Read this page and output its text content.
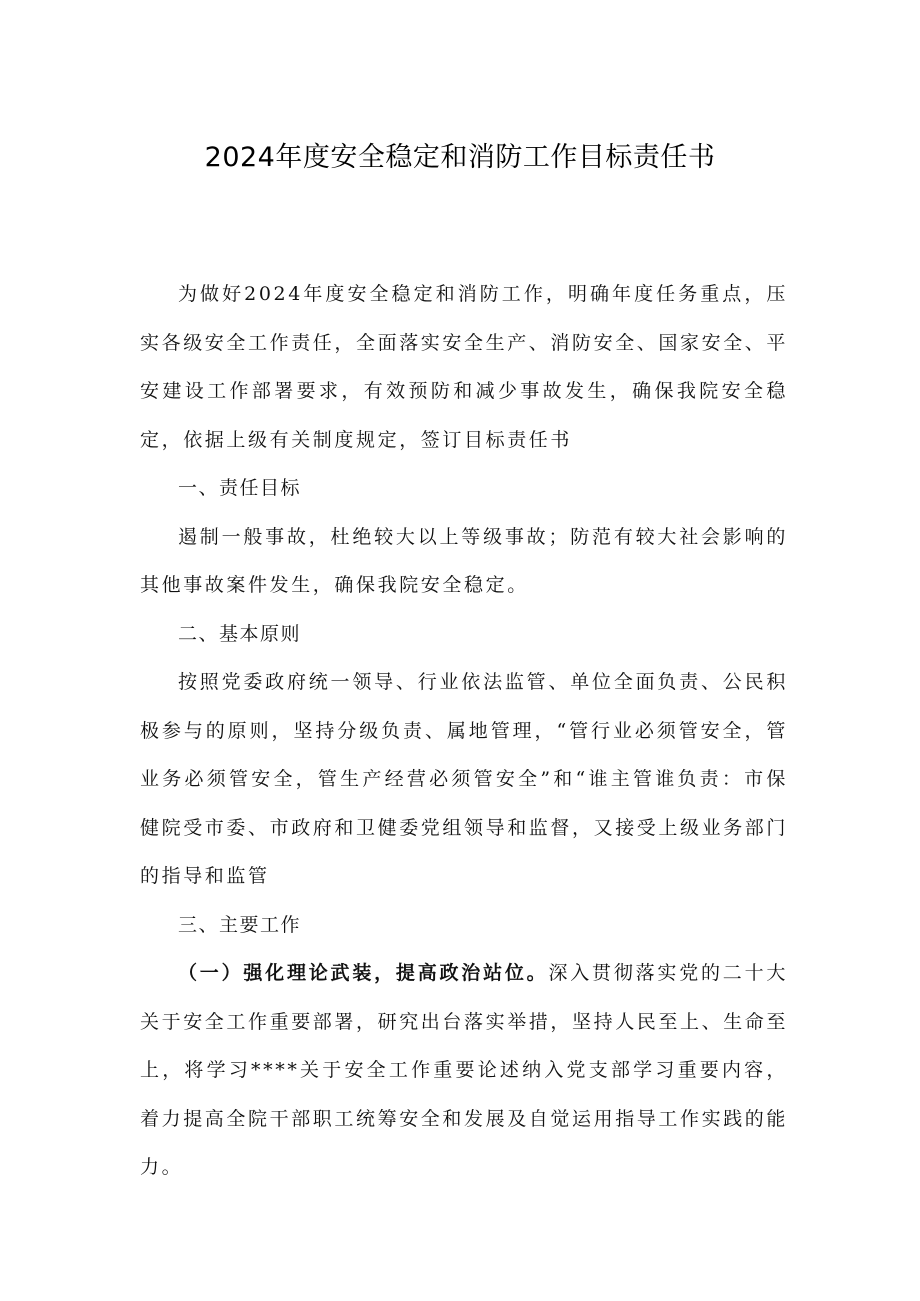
2024年度安全稳定和消防工作目标责任书

为做好2024年度安全稳定和消防工作，明确年度任务重点，压实各级安全工作责任，全面落实安全生产、消防安全、国家安全、平安建设工作部署要求，有效预防和减少事故发生，确保我院安全稳定，依据上级有关制度规定，签订目标责任书

一、责任目标

遏制一般事故，杜绝较大以上等级事故；防范有较大社会影响的其他事故案件发生，确保我院安全稳定。

二、基本原则

按照党委政府统一领导、行业依法监管、单位全面负责、公民积极参与的原则，坚持分级负责、属地管理，“管行业必须管安全，管业务必须管安全，管生产经营必须管安全”和“谁主管谁负责：市保健院受市委、市政府和卫健委党组领导和监督，又接受上级业务部门的指导和监管

三、主要工作

（一）强化理论武装，提高政治站位。深入贯彻落实党的二十大关于安全工作重要部署，研究出台落实举措，坚持人民至上、生命至上，将学习****关于安全工作重要论述纳入党支部学习重要内容，着力提高全院干部职工统筹安全和发展及自觉运用指导工作实践的能力。
